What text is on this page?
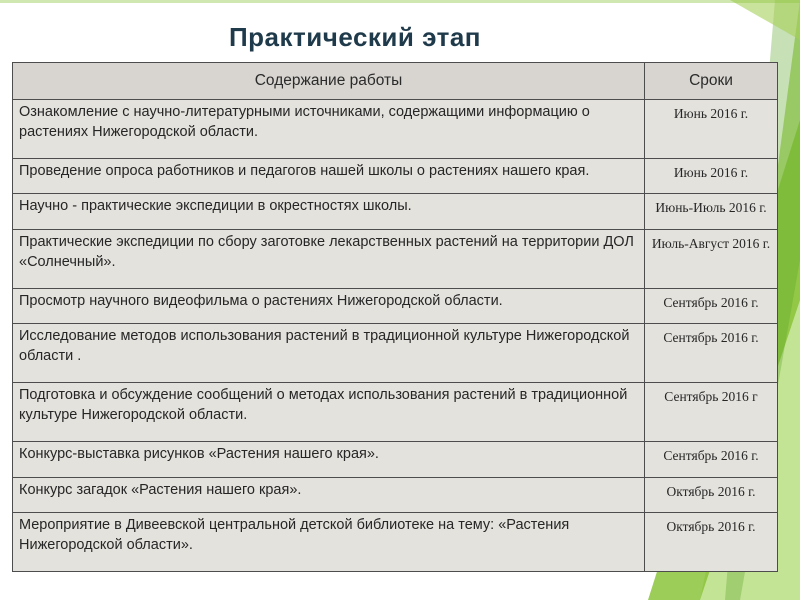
Практический этап
Содержание работы	Сроки
Ознакомление с научно-литературными источниками, содержащими информацию о растениях Нижегородской области.	Июнь 2016 г.
Проведение опроса работников и педагогов нашей школы о растениях нашего края.	Июнь 2016 г.
Научно - практические экспедиции в окрестностях школы.	Июнь-Июль 2016 г.
Практические экспедиции по сбору заготовке лекарственных растений на территории ДОЛ «Солнечный».	Июль-Август 2016 г.
Просмотр научного видеофильма о растениях Нижегородской области.	Сентябрь 2016 г.
Исследование методов использования растений в традиционной культуре Нижегородской области .	Сентябрь 2016 г.
Подготовка и обсуждение сообщений о методах использования растений в традиционной культуре Нижегородской области.	Сентябрь 2016 г
Конкурс-выставка рисунков «Растения нашего края».	Сентябрь 2016 г.
Конкурс загадок «Растения нашего края».	Октябрь 2016 г.
Мероприятие в Дивеевской центральной детской библиотеке на тему: «Растения Нижегородской области».	Октябрь 2016 г.
